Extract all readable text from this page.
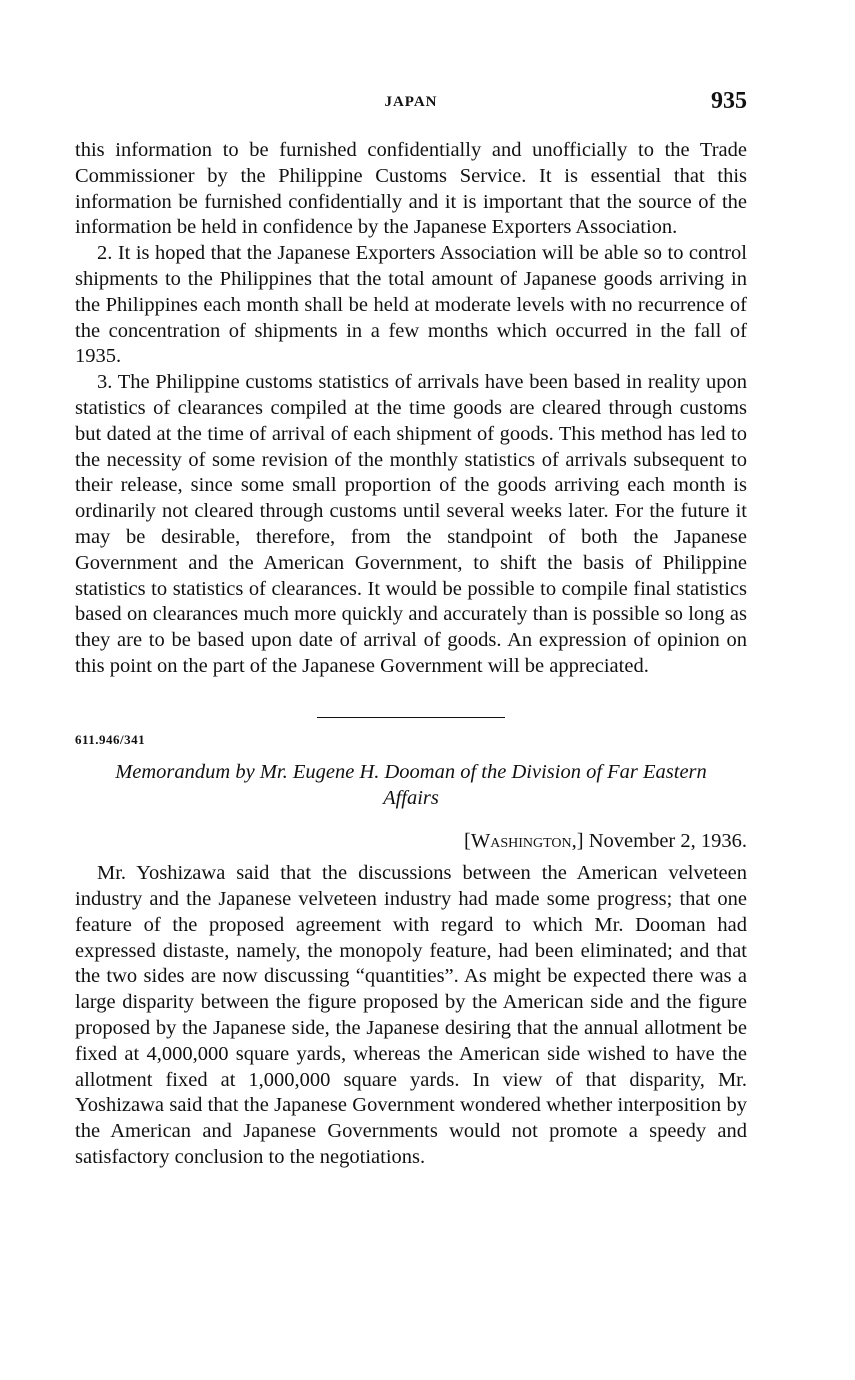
JAPAN	935

this information to be furnished confidentially and unofficially to the Trade Commissioner by the Philippine Customs Service. It is essential that this information be furnished confidentially and it is important that the source of the information be held in confidence by the Japanese Exporters Association.

2. It is hoped that the Japanese Exporters Association will be able so to control shipments to the Philippines that the total amount of Japanese goods arriving in the Philippines each month shall be held at moderate levels with no recurrence of the concentration of shipments in a few months which occurred in the fall of 1935.

3. The Philippine customs statistics of arrivals have been based in reality upon statistics of clearances compiled at the time goods are cleared through customs but dated at the time of arrival of each shipment of goods. This method has led to the necessity of some revision of the monthly statistics of arrivals subsequent to their release, since some small proportion of the goods arriving each month is ordinarily not cleared through customs until several weeks later. For the future it may be desirable, therefore, from the standpoint of both the Japanese Government and the American Government, to shift the basis of Philippine statistics to statistics of clearances. It would be possible to compile final statistics based on clearances much more quickly and accurately than is possible so long as they are to be based upon date of arrival of goods. An expression of opinion on this point on the part of the Japanese Government will be appreciated.

611.946/341

Memorandum by Mr. Eugene H. Dooman of the Division of Far Eastern Affairs

[Washington,] November 2, 1936.

Mr. Yoshizawa said that the discussions between the American velveteen industry and the Japanese velveteen industry had made some progress; that one feature of the proposed agreement with regard to which Mr. Dooman had expressed distaste, namely, the monopoly feature, had been eliminated; and that the two sides are now discussing “quantities”. As might be expected there was a large disparity between the figure proposed by the American side and the figure proposed by the Japanese side, the Japanese desiring that the annual allotment be fixed at 4,000,000 square yards, whereas the American side wished to have the allotment fixed at 1,000,000 square yards. In view of that disparity, Mr. Yoshizawa said that the Japanese Government wondered whether interposition by the American and Japanese Governments would not promote a speedy and satisfactory conclusion to the negotiations.
